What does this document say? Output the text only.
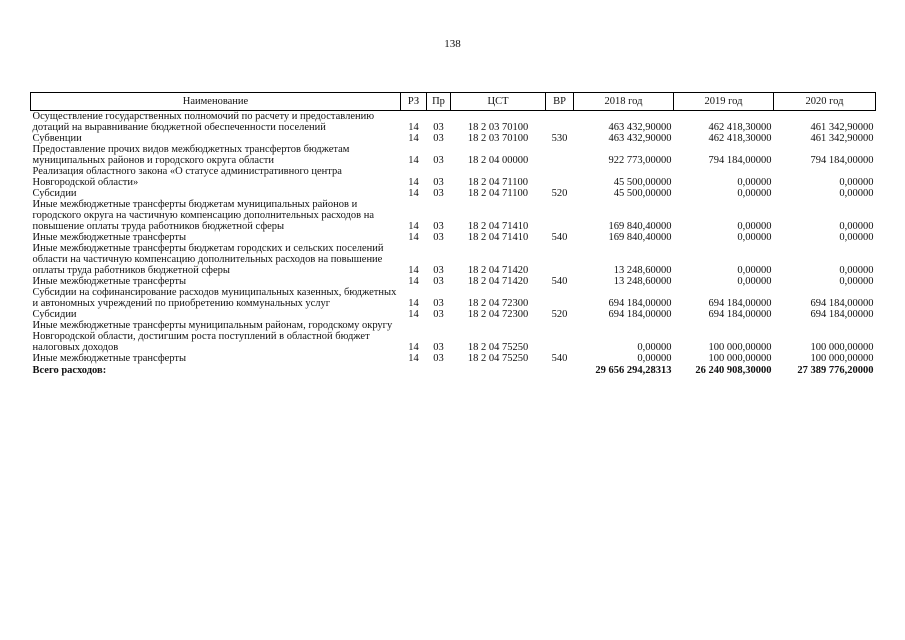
138
Наименование	РЗ	Пр	ЦСТ	ВР	2018 год	2019 год	2020 год
Осуществление государственных полномочий по расчету и предоставлению дотаций на выравнивание бюджетной обеспеченности поселений	14	03	18 2 03 70100		463 432,90000	462 418,30000	461 342,90000
Субвенции	14	03	18 2 03 70100	530	463 432,90000	462 418,30000	461 342,90000
Предоставление прочих видов межбюджетных трансфертов бюджетам муниципальных районов и городского округа области	14	03	18 2 04 00000		922 773,00000	794 184,00000	794 184,00000
Реализация областного закона «О статусе административного центра Новгородской области»	14	03	18 2 04 71100		45 500,00000	0,00000	0,00000
Субсидии	14	03	18 2 04 71100	520	45 500,00000	0,00000	0,00000
Иные межбюджетные трансферты бюджетам муниципальных районов и городского округа на частичную компенсацию дополнительных расходов на повышение оплаты труда работников бюджетной сферы	14	03	18 2 04 71410		169 840,40000	0,00000	0,00000
Иные межбюджетные трансферты	14	03	18 2 04 71410	540	169 840,40000	0,00000	0,00000
Иные межбюджетные трансферты бюджетам городских и сельских поселений области на частичную компенсацию дополнительных расходов на повышение оплаты труда работников бюджетной сферы	14	03	18 2 04 71420		13 248,60000	0,00000	0,00000
Иные межбюджетные трансферты	14	03	18 2 04 71420	540	13 248,60000	0,00000	0,00000
Субсидии на софинансирование расходов муниципальных казенных, бюджетных и автономных учреждений по приобретению коммунальных услуг	14	03	18 2 04 72300		694 184,00000	694 184,00000	694 184,00000
Субсидии	14	03	18 2 04 72300	520	694 184,00000	694 184,00000	694 184,00000
Иные межбюджетные трансферты муниципальным районам, городскому округу Новгородской области, достигшим роста поступлений в областной бюджет налоговых доходов	14	03	18 2 04 75250		0,00000	100 000,00000	100 000,00000
Иные межбюджетные трансферты	14	03	18 2 04 75250	540	0,00000	100 000,00000	100 000,00000
Всего расходов:					29 656 294,28313	26 240 908,30000	27 389 776,20000
